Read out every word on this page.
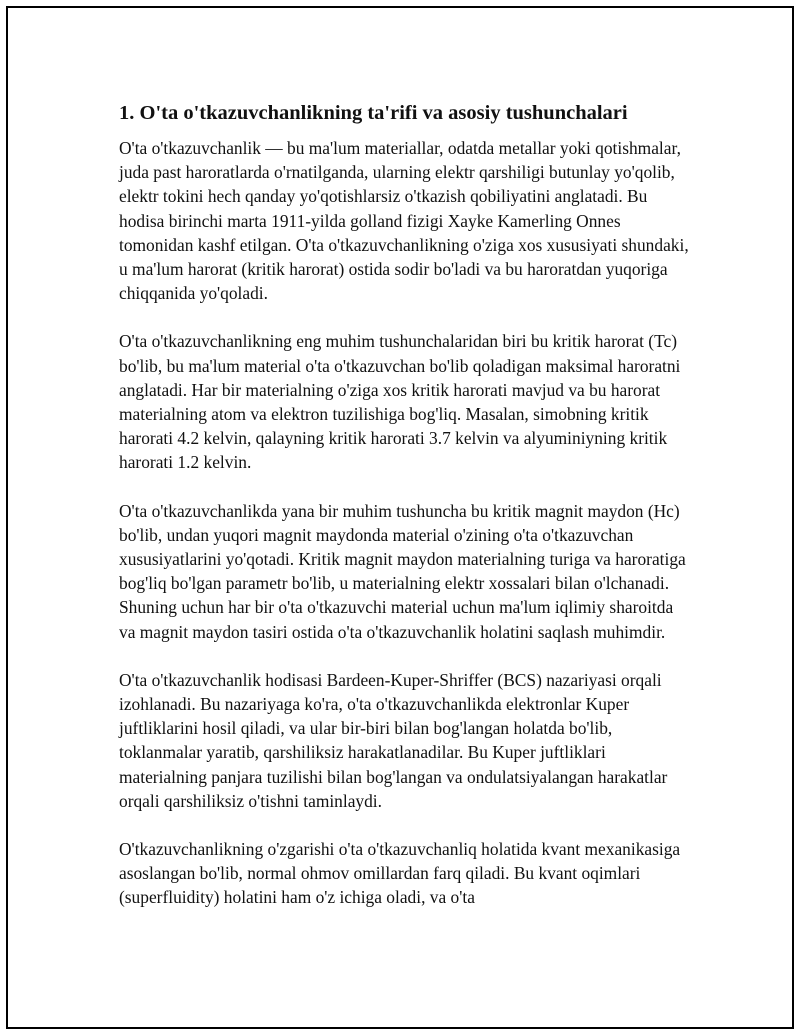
1. O'ta o'tkazuvchanlikning ta'rifi va asosiy tushunchalari

O'ta o'tkazuvchanlik — bu ma'lum materiallar, odatda metallar yoki qotishmalar, juda past haroratlarda o'rnatilganda, ularning elektr qarshiligi butunlay yo'qolib, elektr tokini hech qanday yo'qotishlarsiz o'tkazish qobiliyatini anglatadi. Bu hodisa birinchi marta 1911-yilda golland fizigi Xayke Kamerling Onnes tomonidan kashf etilgan. O'ta o'tkazuvchanlikning o'ziga xos xususiyati shundaki, u ma'lum harorat (kritik harorat) ostida sodir bo'ladi va bu haroratdan yuqoriga chiqqanida yo'qoladi.

O'ta o'tkazuvchanlikning eng muhim tushunchalaridan biri bu kritik harorat (Tc) bo'lib, bu ma'lum material o'ta o'tkazuvchan bo'lib qoladigan maksimal haroratni anglatadi. Har bir materialning o'ziga xos kritik harorati mavjud va bu harorat materialning atom va elektron tuzilishiga bog'liq. Masalan, simobning kritik harorati 4.2 kelvin, qalayning kritik harorati 3.7 kelvin va alyuminiyning kritik harorati 1.2 kelvin.

O'ta o'tkazuvchanlikda yana bir muhim tushuncha bu kritik magnit maydon (Hc) bo'lib, undan yuqori magnit maydonda material o'zining o'ta o'tkazuvchan xususiyatlarini yo'qotadi. Kritik magnit maydon materialning turiga va haroratiga bog'liq bo'lgan parametr bo'lib, u materialning elektr xossalari bilan o'lchanadi. Shuning uchun har bir o'ta o'tkazuvchi material uchun ma'lum iqlimiy sharoitda va magnit maydon tasiri ostida o'ta o'tkazuvchanlik holatini saqlash muhimdir.

O'ta o'tkazuvchanlik hodisasi Bardeen-Kuper-Shriffer (BCS) nazariyasi orqali izohlanadi. Bu nazariyaga ko'ra, o'ta o'tkazuvchanlikda elektronlar Kuper juftliklarini hosil qiladi, va ular bir-biri bilan bog'langan holatda bo'lib, toklanmalar yaratib, qarshiliksiz harakatlanadilar. Bu Kuper juftliklari materialning panjara tuzilishi bilan bog'langan va ondulatsiyalangan harakatlar orqali qarshiliksiz o'tishni taminlaydi.

O'tkazuvchanlikning o'zgarishi o'ta o'tkazuvchanliq holatida kvant mexanikasiga asoslangan bo'lib, normal ohmov omillardan farq qiladi. Bu kvant oqimlari (superfluidity) holatini ham o'z ichiga oladi, va o'ta
